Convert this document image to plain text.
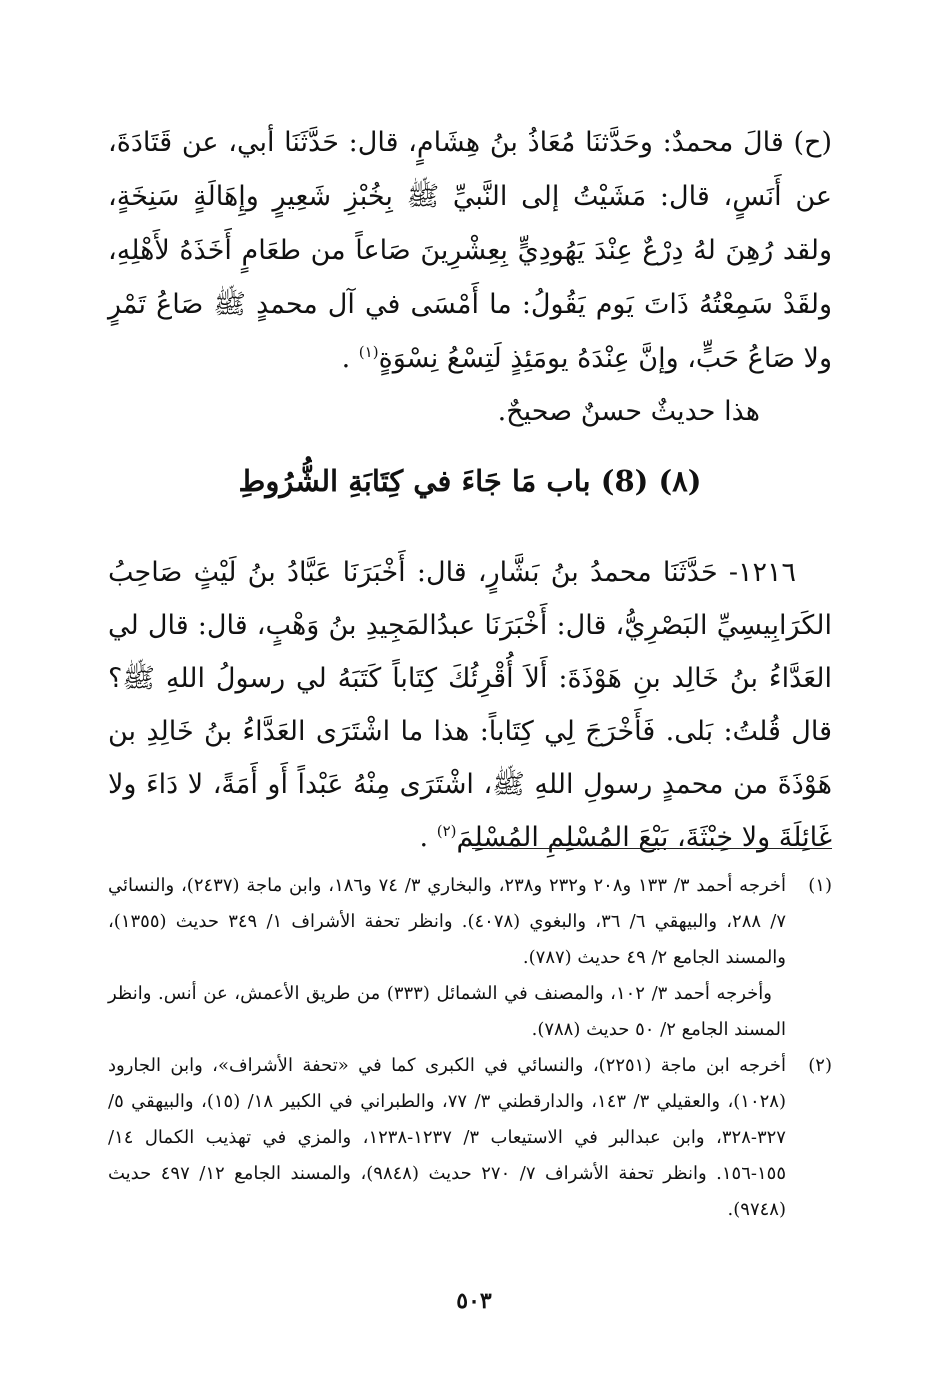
(ح) قالَ محمدٌ: وحَدَّثنَا مُعَاذُ بنُ هِشَامٍ، قال: حَدَّثَنَا أبي، عن قَتَادَةَ، عن أَنَسٍ، قال: مَشَيْتُ إلى النَّبيِّ ﷺ بِخُبْزِ شَعِيرٍ وإِهَالَةٍ سَنِخَةٍ، ولقد رُهِنَ لهُ دِرْعٌ عِنْدَ يَهُودِيٍّ بِعِشْرِينَ صَاعاً من طعَامٍ أَخَذَهُ لأَهْلِهِ، ولقَدْ سَمِعْتُهُ ذَاتَ يَوم يَقُولُ: ما أَمْسَى في آل محمدٍ ﷺ صَاعُ تَمْرٍ ولا صَاعُ حَبٍّ، وإنَّ عِنْدَهُ يومَئِذٍ لَتِسْعُ نِسْوَةٍ$^{(١)}$ .

هذا حديثٌ حسنٌ صحيحٌ.
(٨) (8) باب مَا جَاءَ في كِتَابَةِ الشُّرُوطِ
١٢١٦- حَدَّثَنَا محمدُ بنُ بَشَّارٍ، قال: أَخْبَرَنَا عَبَّادُ بنُ لَيْثٍ صَاحِبُ الكَرَابِيسِيِّ البَصْرِيُّ، قال: أَخْبَرَنَا عبدُالمَجِيدِ بنُ وَهْبٍ، قال: قال لي العَدَّاءُ بنُ خَالِد بنِ هَوْذَةَ: أَلاَ أُقْرِئُكَ كِتَاباً كَتَبَهُ لي رسولُ اللهِ ﷺ؟ قال قُلتُ: بَلى. فَأَخْرَجَ لِي كِتَاباً: هذا ما اشْتَرَى العَدَّاءُ بنُ خَالِدِ بن هَوْذَةَ من محمدٍ رسولِ اللهِ ﷺ، اشْتَرَى مِنْهُ عَبْداً أَو أَمَةً، لا دَاءَ ولا غَائِلَةَ ولا خِبْثَةَ، بَيْعَ المُسْلِمِ المُسْلِمَ$^{(٢)}$ .
(١)
أخرجه أحمد ٣/ ١٣٣ و٢٠٨ و٢٣٢ و٢٣٨، والبخاري ٣/ ٧٤ و١٨٦، وابن ماجة (٢٤٣٧)، والنسائي ٧/ ٢٨٨، والبيهقي ٦/ ٣٦، والبغوي (٤٠٧٨). وانظر تحفة الأشراف ١/ ٣٤٩ حديث (١٣٥٥)، والمسند الجامع ٢/ ٤٩ حديث (٧٨٧).
وأخرجه أحمد ٣/ ١٠٢، والمصنف في الشمائل (٣٣٣) من طريق الأعمش، عن أنس. وانظر المسند الجامع ٢/ ٥٠ حديث (٧٨٨).
(٢)
أخرجه ابن ماجة (٢٢٥١)، والنسائي في الكبرى كما في «تحفة الأشراف»، وابن الجارود (١٠٢٨)، والعقيلي ٣/ ١٤٣، والدارقطني ٣/ ٧٧، والطبراني في الكبير ١٨/ (١٥)، والبيهقي ٥/ ٣٢٧-٣٢٨، وابن عبدالبر في الاستيعاب ٣/ ١٢٣٧-١٢٣٨، والمزي في تهذيب الكمال ١٤/ ١٥٥-١٥٦. وانظر تحفة الأشراف ٧/ ٢٧٠ حديث (٩٨٤٨)، والمسند الجامع ١٢/ ٤٩٧ حديث (٩٧٤٨).
٥٠٣
